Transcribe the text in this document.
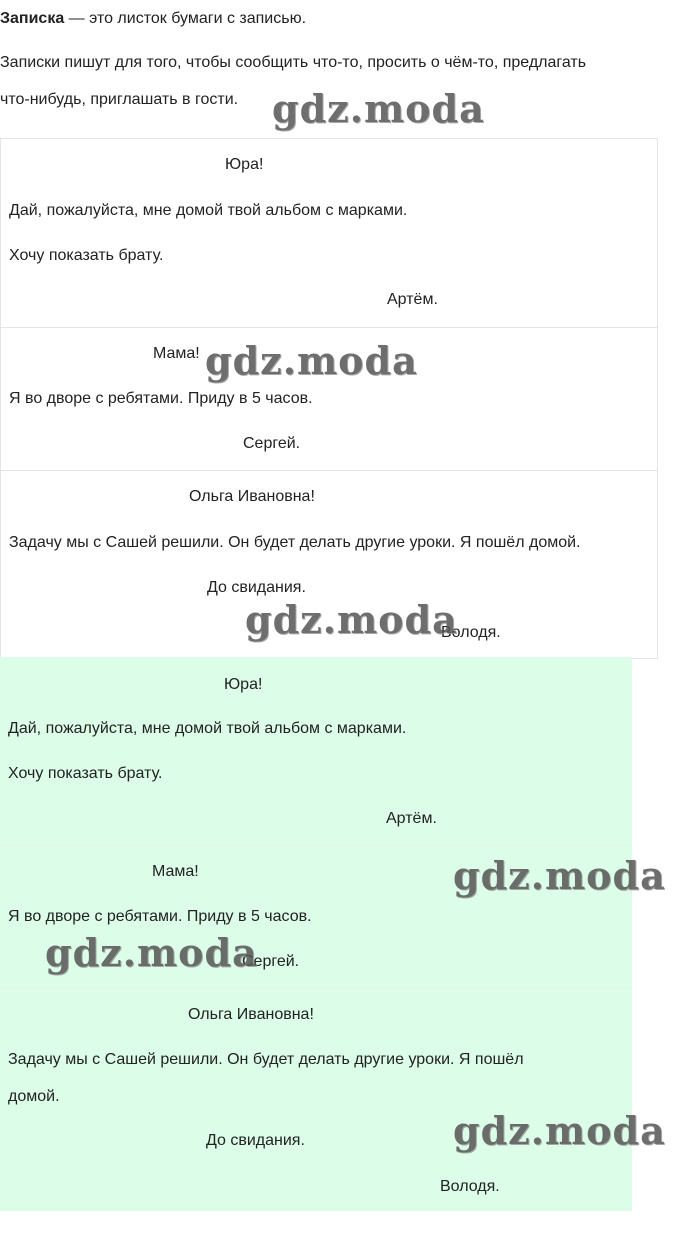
Записка — это листок бумаги с записью.

Записки пишут для того, чтобы сообщить что-то, просить о чём-то, предлагать

что-нибудь, приглашать в гости.

Юра!
Дай, пожалуйста, мне домой твой альбом с марками.
Хочу показать брату.
Артём.
Мама!
Я во дворе с ребятами. Приду в 5 часов.
Сергей.
Ольга Ивановна!
Задачу мы с Сашей решили. Он будет делать другие уроки. Я пошёл домой.
До свидания.
Володя.
Юра!
Дай, пожалуйста, мне домой твой альбом с марками.
Хочу показать брату.
Артём.
Мама!
Я во дворе с ребятами. Приду в 5 часов.
Сергей.
Ольга Ивановна!
Задачу мы с Сашей решили. Он будет делать другие уроки. Я пошёл
домой.
До свидания.
Володя.
gdz.moda
gdz.moda
gdz.moda
gdz.moda
gdz.moda
gdz.moda
